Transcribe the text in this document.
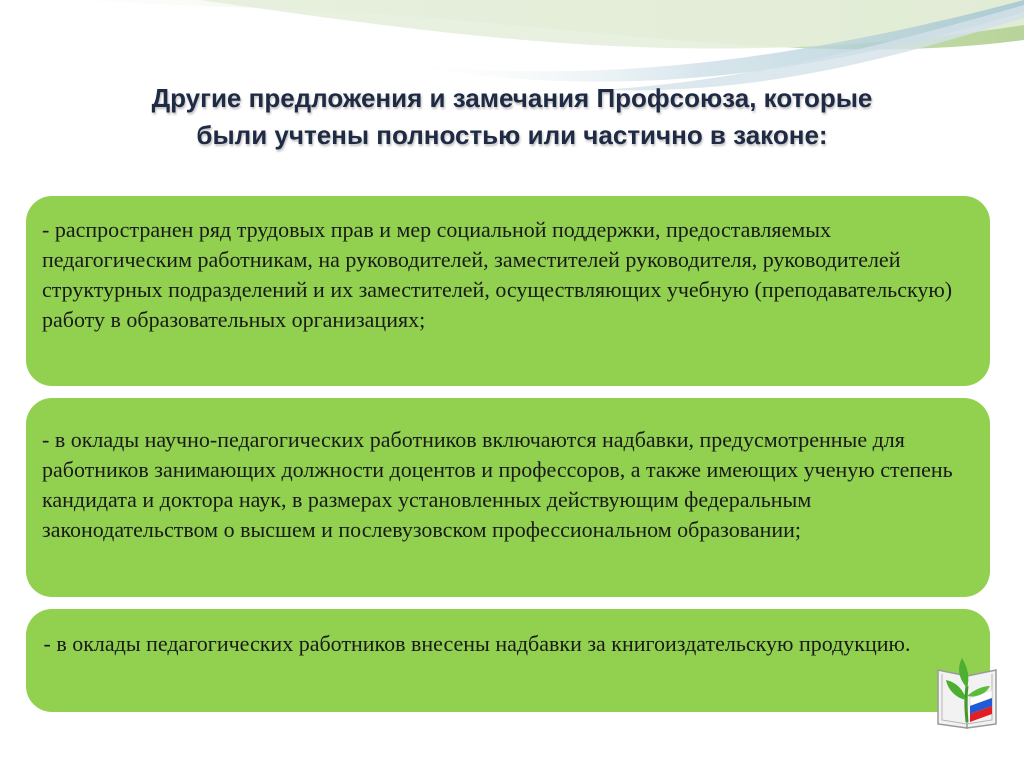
Другие предложения и замечания Профсоюза, которые
были учтены полностью или частично в законе:

- распространен ряд трудовых прав и мер социальной поддержки, предоставляемых педагогическим работникам, на руководителей, заместителей руководителя, руководителей структурных подразделений и их заместителей, осуществляющих учебную (преподавательскую) работу в образовательных организациях;

- в оклады научно-педагогических работников включаются надбавки, предусмотренные для работников занимающих должности доцентов и профессоров, а также имеющих ученую степень кандидата и доктора наук, в размерах установленных действующим федеральным законодательством о высшем и послевузовском профессиональном образовании;

- в оклады педагогических работников внесены надбавки за книгоиздательскую продукцию.
